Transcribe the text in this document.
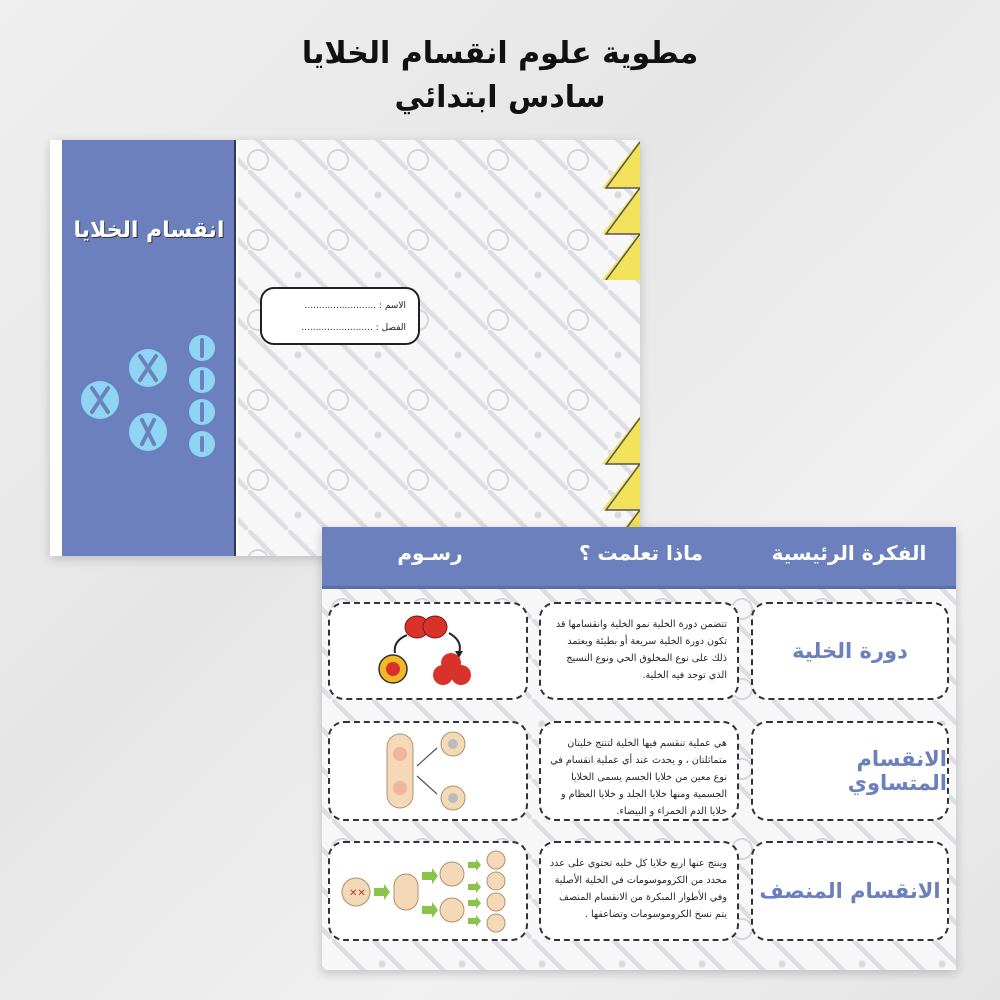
مطوية علوم انقسام الخلايا
سادس ابتدائي
انقسام الخلايا
الاسم : .........................
الفصل : .........................
الفكرة الرئيسية
ماذا تعلمت ؟
رسـوم
دورة الخلية
تتضمن دورة الخلية نمو الخلية وانقسامها قد تكون دورة الخلية سريعة أو بطيئة ويعتمد ذلك على نوع المخلوق الحي ونوع النسيج الذي توجد فيه الخلية.
الانقسام المتساوي
هي عملية تنقسم فيها الخلية لتنتج خليتان متماثلتان ، و يحدث عند أي عملية انقسام في نوع معين من خلايا الجسم يسمى الخلايا الجسمية ومنها خلايا الجلد و خلايا العظام و خلايا الدم الحمراء و البيضاء.
الانقسام المنصف
وينتج عنها اربع خلايا كل خليه تحتوي على عدد محدد من الكروموسومات في الخلية الأصلية وفي الأطوار المبكرة من الانقسام المنصف يتم نسخ الكروموسومات وتضاعفها .
✕✕
